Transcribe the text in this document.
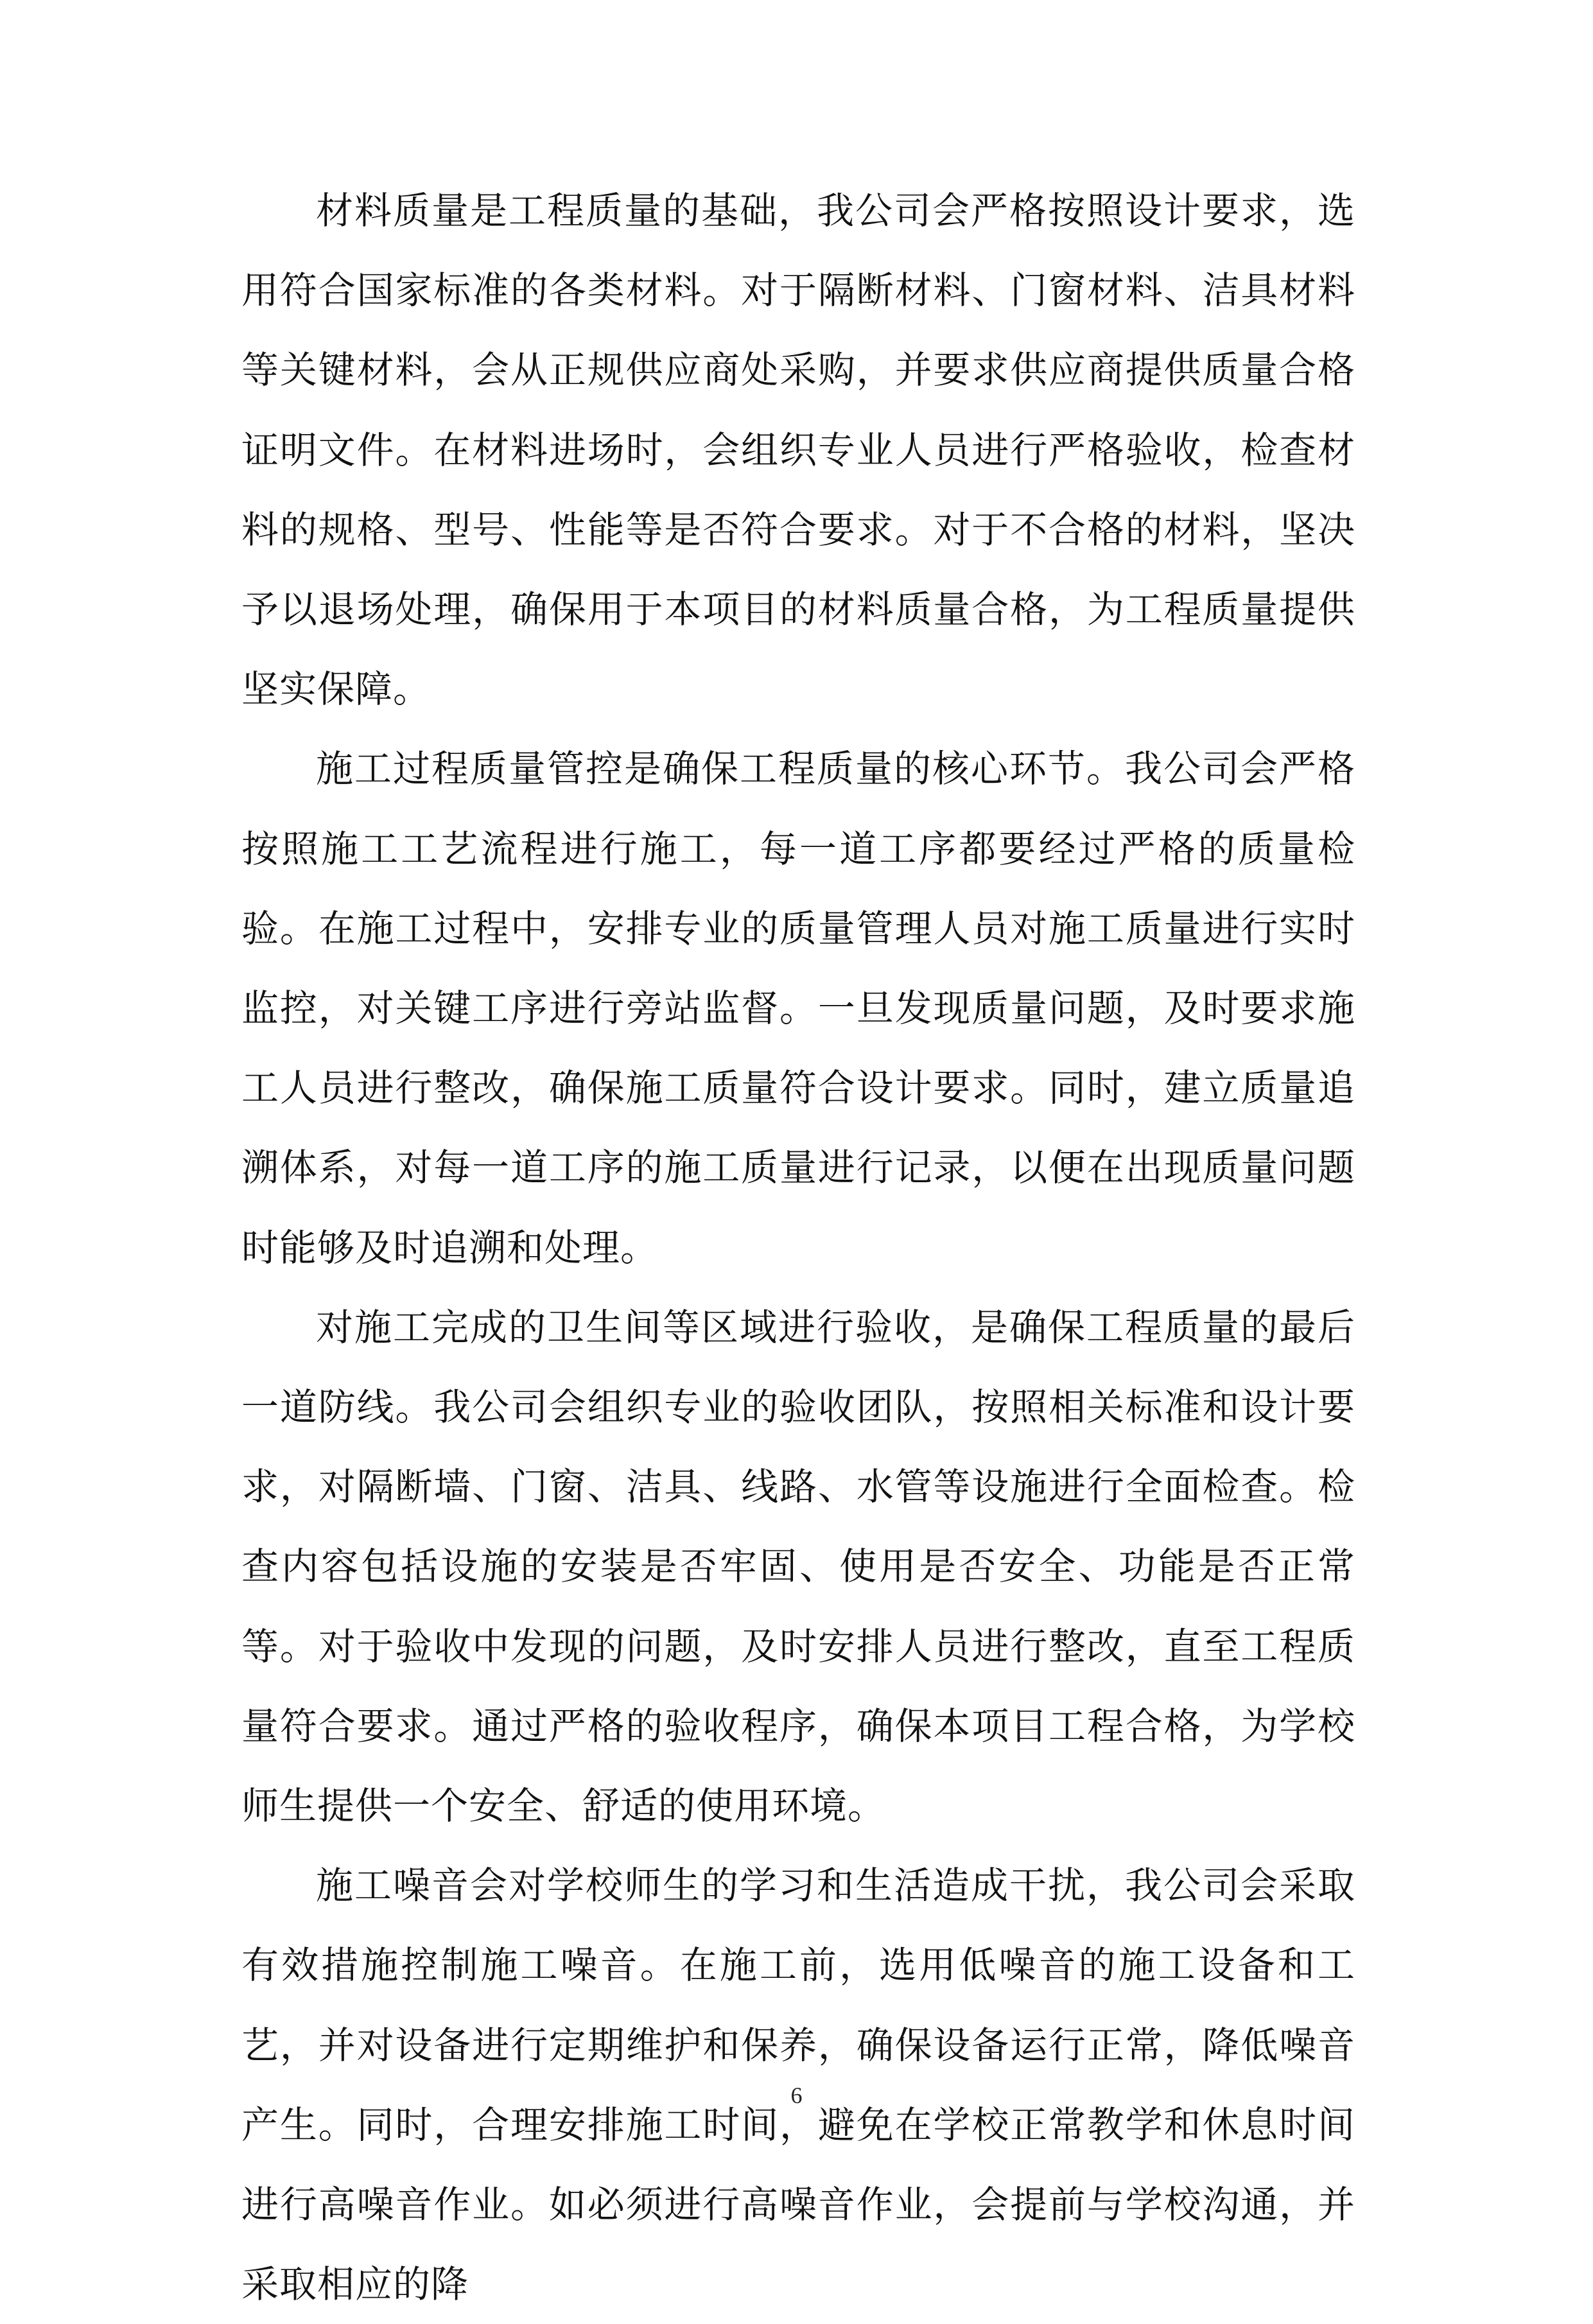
材料质量是工程质量的基础，我公司会严格按照设计要求，选用符合国家标准的各类材料。对于隔断材料、门窗材料、洁具材料等关键材料，会从正规供应商处采购，并要求供应商提供质量合格证明文件。在材料进场时，会组织专业人员进行严格验收，检查材料的规格、型号、性能等是否符合要求。对于不合格的材料，坚决予以退场处理，确保用于本项目的材料质量合格，为工程质量提供坚实保障。

施工过程质量管控是确保工程质量的核心环节。我公司会严格按照施工工艺流程进行施工，每一道工序都要经过严格的质量检验。在施工过程中，安排专业的质量管理人员对施工质量进行实时监控，对关键工序进行旁站监督。一旦发现质量问题，及时要求施工人员进行整改，确保施工质量符合设计要求。同时，建立质量追溯体系，对每一道工序的施工质量进行记录，以便在出现质量问题时能够及时追溯和处理。

对施工完成的卫生间等区域进行验收，是确保工程质量的最后一道防线。我公司会组织专业的验收团队，按照相关标准和设计要求，对隔断墙、门窗、洁具、线路、水管等设施进行全面检查。检查内容包括设施的安装是否牢固、使用是否安全、功能是否正常等。对于验收中发现的问题，及时安排人员进行整改，直至工程质量符合要求。通过严格的验收程序，确保本项目工程合格，为学校师生提供一个安全、舒适的使用环境。

施工噪音会对学校师生的学习和生活造成干扰，我公司会采取有效措施控制施工噪音。在施工前，选用低噪音的施工设备和工艺，并对设备进行定期维护和保养，确保设备运行正常，降低噪音产生。同时，合理安排施工时间，避免在学校正常教学和休息时间进行高噪音作业。如必须进行高噪音作业，会提前与学校沟通，并采取相应的降

6
